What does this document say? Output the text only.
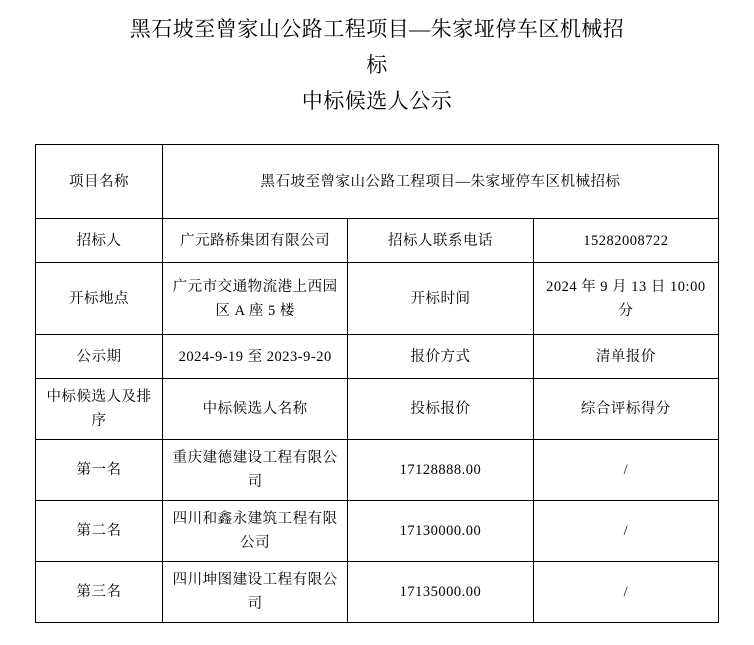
黑石坡至曾家山公路工程项目—朱家垭停车区机械招
标
中标候选人公示
项目名称	黑石坡至曾家山公路工程项目—朱家垭停车区机械招标		
招标人	广元路桥集团有限公司	招标人联系电话	15282008722
开标地点	广元市交通物流港上西园区 A 座 5 楼	开标时间	2024 年 9 月 13 日 10:00 分
公示期	2024-9-19 至 2023-9-20	报价方式	清单报价
中标候选人及排序	中标候选人名称	投标报价	综合评标得分
第一名	重庆建德建设工程有限公司	17128888.00	/
第二名	四川和鑫永建筑工程有限公司	17130000.00	/
第三名	四川坤图建设工程有限公司	17135000.00	/
